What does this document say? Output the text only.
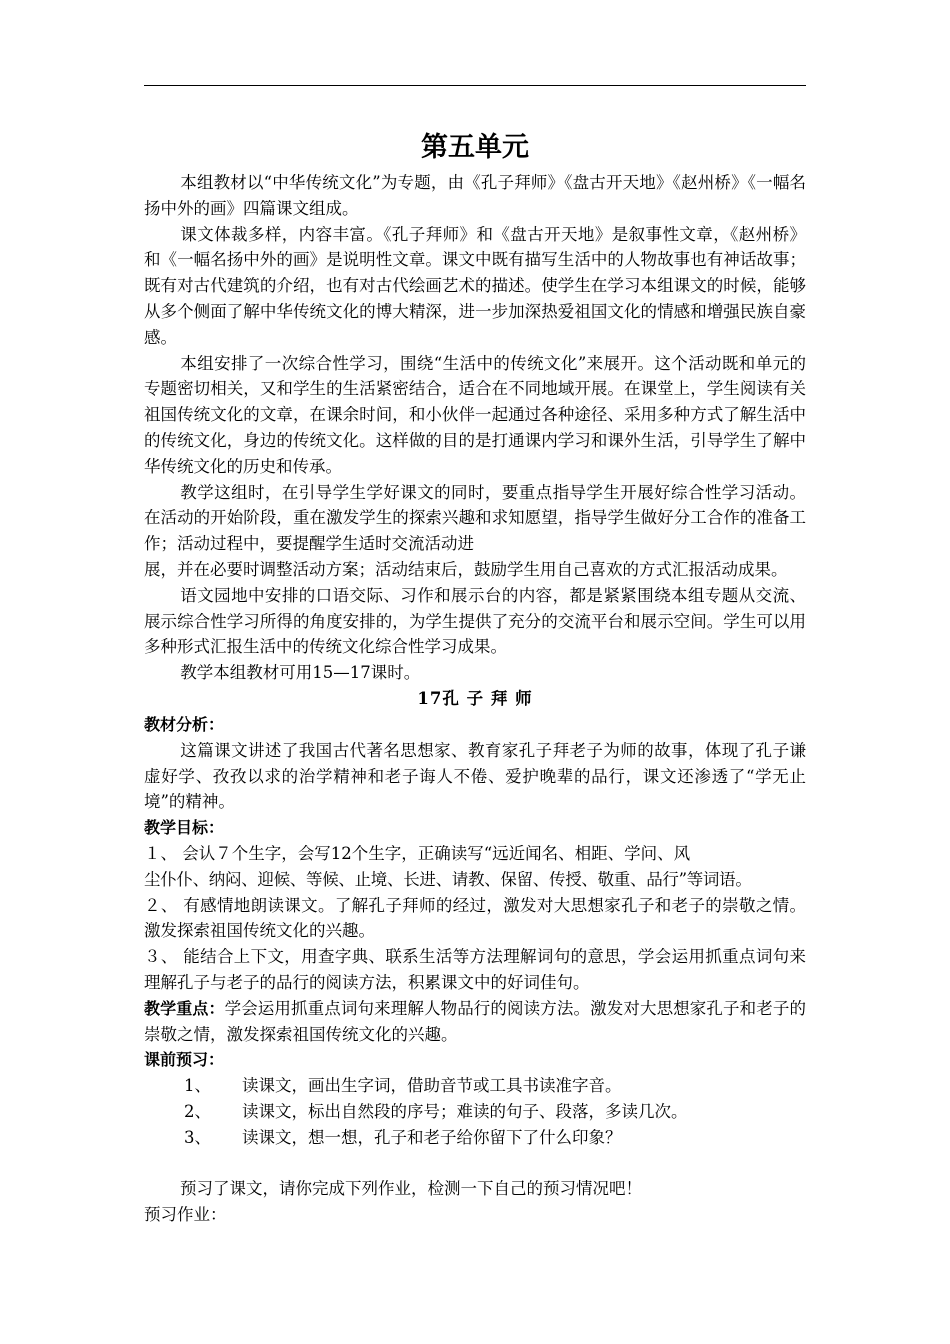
第五单元

本组教材以“中华传统文化”为专题，由《孔子拜师》《盘古开天地》《赵州桥》《一幅名扬中外的画》四篇课文组成。

课文体裁多样，内容丰富。《孔子拜师》和《盘古开天地》是叙事性文章，《赵州桥》和《一幅名扬中外的画》是说明性文章。课文中既有描写生活中的人物故事也有神话故事；既有对古代建筑的介绍，也有对古代绘画艺术的描述。使学生在学习本组课文的时候，能够从多个侧面了解中华传统文化的博大精深，进一步加深热爱祖国文化的情感和增强民族自豪感。

本组安排了一次综合性学习，围绕“生活中的传统文化”来展开。这个活动既和单元的专题密切相关，又和学生的生活紧密结合，适合在不同地域开展。在课堂上，学生阅读有关祖国传统文化的文章，在课余时间，和小伙伴一起通过各种途径、采用多种方式了解生活中的传统文化，身边的传统文化。这样做的目的是打通课内学习和课外生活，引导学生了解中华传统文化的历史和传承。

教学这组时，在引导学生学好课文的同时，要重点指导学生开展好综合性学习活动。在活动的开始阶段，重在激发学生的探索兴趣和求知愿望，指导学生做好分工合作的准备工作；活动过程中，要提醒学生适时交流活动进

展，并在必要时调整活动方案；活动结束后，鼓励学生用自己喜欢的方式汇报活动成果。

语文园地中安排的口语交际、习作和展示台的内容，都是紧紧围绕本组专题从交流、展示综合性学习所得的角度安排的，为学生提供了充分的交流平台和展示空间。学生可以用多种形式汇报生活中的传统文化综合性学习成果。

教学本组教材可用15—17课时。

17孔 子 拜 师
教材分析：

这篇课文讲述了我国古代著名思想家、教育家孔子拜老子为师的故事，体现了孔子谦虚好学、孜孜以求的治学精神和老子诲人不倦、爱护晚辈的品行，课文还渗透了“学无止境”的精神。

教学目标：

１、 会认７个生字，会写12个生字，正确读写“远近闻名、相距、学问、风

尘仆仆、纳闷、迎候、等候、止境、长进、请教、保留、传授、敬重、品行”等词语。

２、 有感情地朗读课文。了解孔子拜师的经过，激发对大思想家孔子和老子的崇敬之情。激发探索祖国传统文化的兴趣。

３、 能结合上下文，用查字典、联系生活等方法理解词句的意思，学会运用抓重点词句来理解孔子与老子的品行的阅读方法，积累课文中的好词佳句。

教学重点：学会运用抓重点词句来理解人物品行的阅读方法。激发对大思想家孔子和老子的崇敬之情，激发探索祖国传统文化的兴趣。

课前预习：
1、	读课文，画出生字词，借助音节或工具书读准字音。
2、	读课文，标出自然段的序号；难读的句子、段落，多读几次。
3、	读课文，想一想，孔子和老子给你留下了什么印象？

预习了课文，请你完成下列作业，检测一下自己的预习情况吧！

预习作业：
